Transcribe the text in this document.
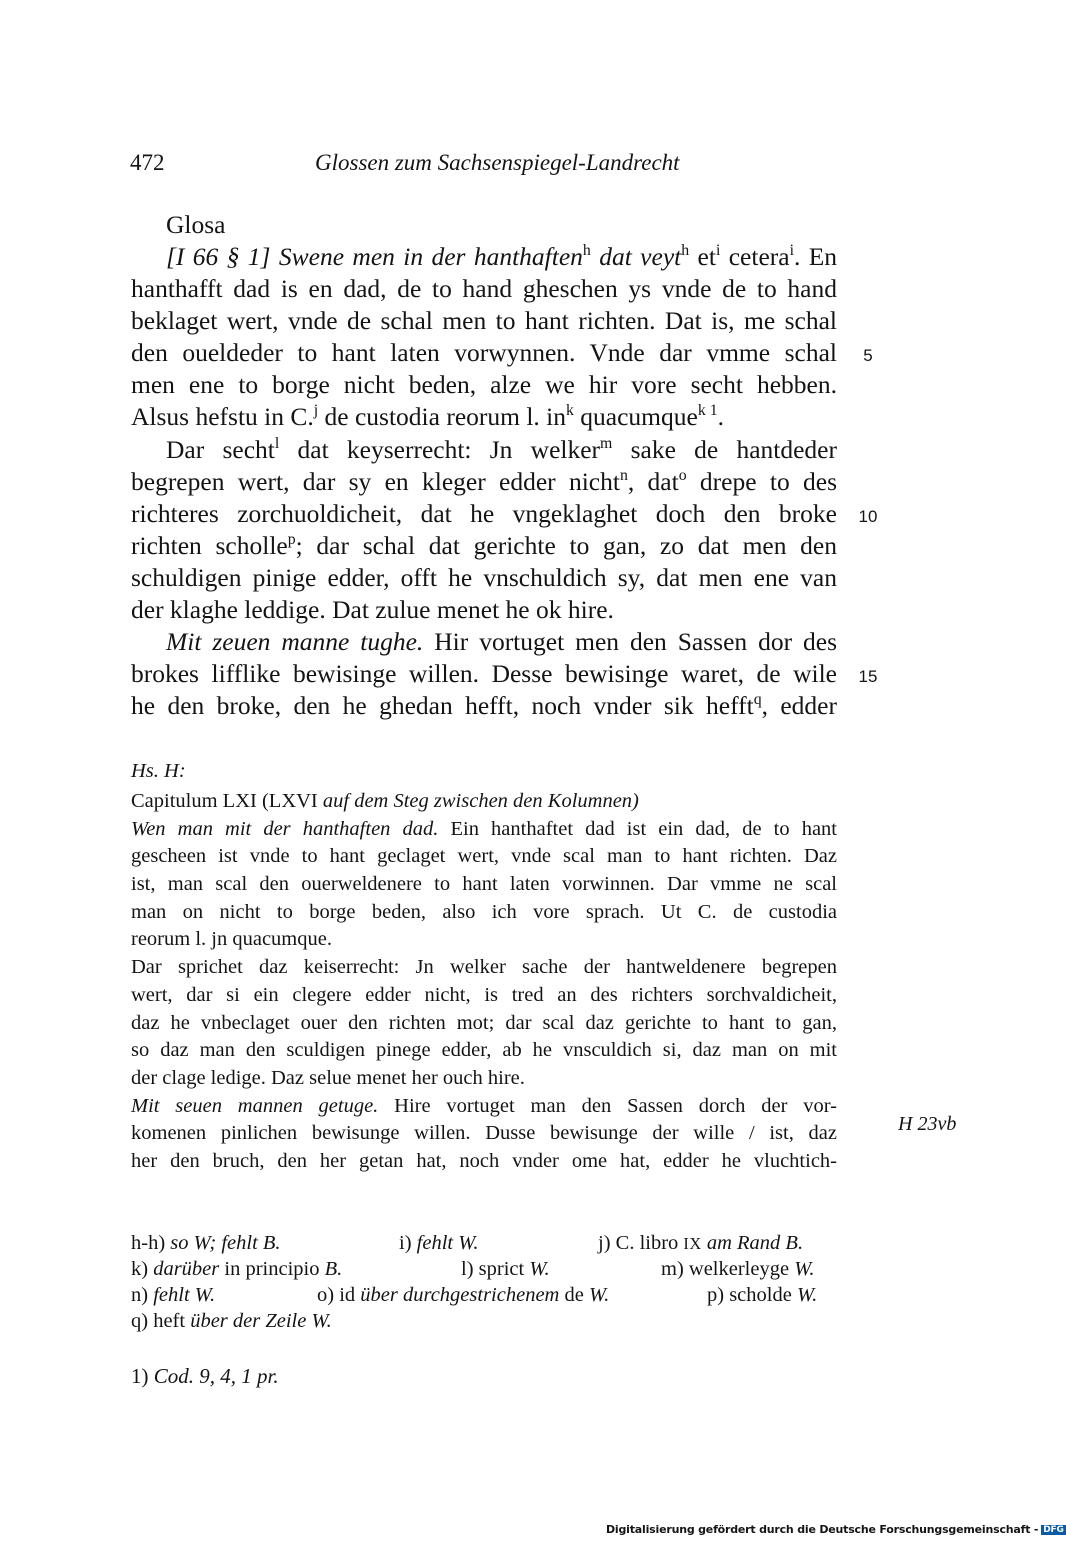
472	Glossen zum Sachsenspiegel-Landrecht
Glosa
[I 66 § 1] Swene men in der hanthaften$^h$ dat veyt$^h$ $et^i$ cetera$^i$. En
hanthafft dad is en dad, de to hand gheschen ys vnde de to hand
beklaget wert, vnde de schal men to hant richten. Dat is, me schal
den oueldeder to hant laten vorwynnen. Vnde dar vmme schal
men ene to borge nicht beden, alze we hir vore secht hebben.
Alsus hefstu in C.$^j$ de custodia reorum l. $in^k$ quacumque$^{k 1}$.
Dar secht$^l$ dat keyserrecht: Jn welker$^m$ sake de hantdeder
begrepen wert, dar sy en kleger edder nicht$^n$, dat$^o$ drepe to des
richteres zorchuoldicheit, dat he vngeklaghet doch den broke
richten scholle$^p$; dar schal dat gerichte to gan, zo dat men den
schuldigen pinige edder, offt he vnschuldich sy, dat men ene van
der klaghe leddige. Dat zulue menet he ok hire.
Mit zeuen manne tughe. Hir vortuget men den Sassen dor des
brokes lifflike bewisinge willen. Desse bewisinge waret, de wile
he den broke, den he ghedan hefft, noch vnder sik hefft$^q$, edder
5
10
15
Hs. H:
Capitulum LXI (LXVI auf dem Steg zwischen den Kolumnen)
Wen man mit der hanthaften dad. Ein hanthaftet dad ist ein dad, de to hant
gescheen ist vnde to hant geclaget wert, vnde scal man to hant richten. Daz
ist, man scal den ouerweldenere to hant laten vorwinnen. Dar vmme ne scal
man on nicht to borge beden, also ich vore sprach. Ut C. de custodia
reorum l. jn quacumque.
Dar sprichet daz keiserrecht: Jn welker sache der hantweldenere begrepen
wert, dar si ein clegere edder nicht, is tred an des richters sorchvaldicheit,
daz he vnbeclaget ouer den richten mot; dar scal daz gerichte to hant to gan,
so daz man den sculdigen pinege edder, ab he vnsculdich si, daz man on mit
der clage ledige. Daz selue menet her ouch hire.
Mit seuen mannen getuge. Hire vortuget man den Sassen dorch der vor-
komenen pinlichen bewisunge willen. Dusse bewisunge der wille / ist, daz
her den bruch, den her getan hat, noch vnder ome hat, edder he vluchtich-
H 23vb
h-h) so W; fehlt B.	i) fehlt W.	j) C. libro IX am Rand B.
k) darüber in principio B.	l) sprict W.	m) welkerleyge W.
n) fehlt W.	o) id über durchgestrichenem de W.	p) scholde W.
q) heft über der Zeile W.
1) Cod. 9, 4, 1 pr.
Digitalisierung gefördert durch die Deutsche Forschungsgemeinschaft - DFG
